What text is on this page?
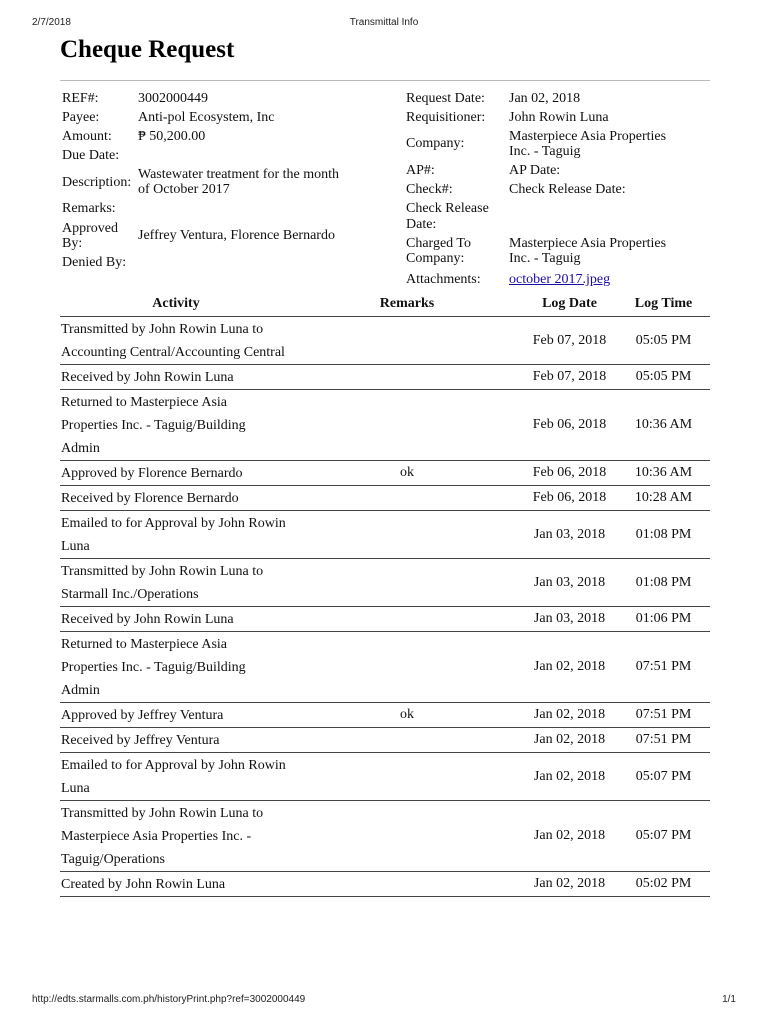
2/7/2018	Transmittal Info
Cheque Request
REF#:	3002000449
Payee:	Anti-pol Ecosystem, Inc
Amount: ₱ 50,200.00
Due Date:
Description:
Wastewater treatment for the month
of October 2017
Remarks:
Approved
By:
Jeffrey Ventura, Florence Bernardo
Denied By:
Request Date: Jan 02, 2018
Requisitioner: John Rowin Luna
Company:	Masterpiece Asia Properties
Inc. - Taguig
AP#:	AP Date:
Check#:	Check Release Date:
Check Release
Date:
Charged To
Company:
Masterpiece Asia Properties
Inc. - Taguig
Attachments: october 2017.jpeg
Activity	Remarks	Log Date	Log Time

Transmitted by John Rowin Luna to
Accounting Central/Accounting Central		Feb 07, 2018	05:05 PM

Received by John Rowin Luna		Feb 07, 2018	05:05 PM

Returned to Masterpiece Asia
Properties Inc. - Taguig/Building
Admin		Feb 06, 2018	10:36 AM

Approved by Florence Bernardo	ok	Feb 06, 2018	10:36 AM

Received by Florence Bernardo		Feb 06, 2018	10:28 AM

Emailed to for Approval by John Rowin
Luna		Jan 03, 2018	01:08 PM

Transmitted by John Rowin Luna to
Starmall Inc./Operations		Jan 03, 2018	01:08 PM

Received by John Rowin Luna		Jan 03, 2018	01:06 PM

Returned to Masterpiece Asia
Properties Inc. - Taguig/Building
Admin		Jan 02, 2018	07:51 PM

Approved by Jeffrey Ventura	ok	Jan 02, 2018	07:51 PM

Received by Jeffrey Ventura		Jan 02, 2018	07:51 PM

Emailed to for Approval by John Rowin
Luna		Jan 02, 2018	05:07 PM

Transmitted by John Rowin Luna to
Masterpiece Asia Properties Inc. -
Taguig/Operations		Jan 02, 2018	05:07 PM

Created by John Rowin Luna		Jan 02, 2018	05:02 PM
http://edts.starmalls.com.ph/historyPrint.php?ref=3002000449	1/1
